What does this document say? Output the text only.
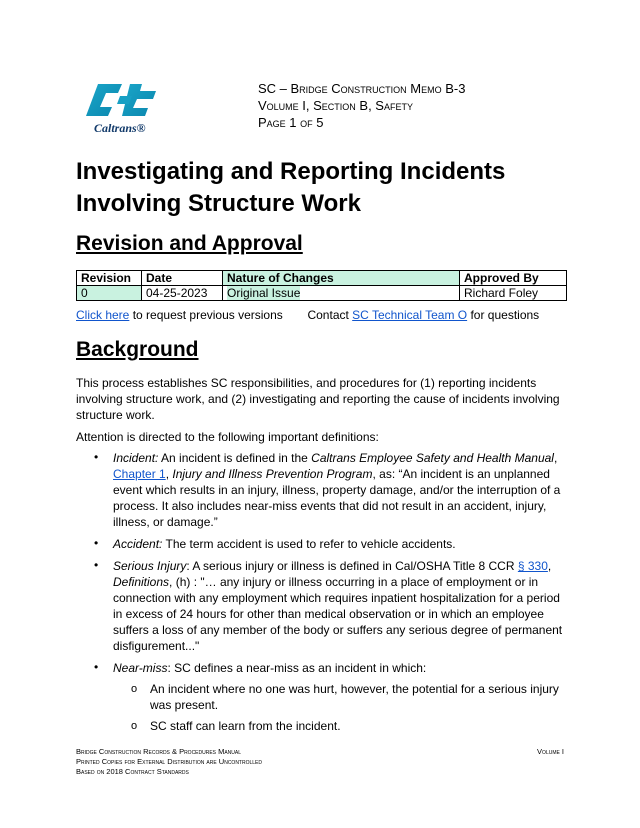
Caltrans®
SC – Bridge Construction Memo B-3
Volume I, Section B, Safety
Page 1 of 5
Investigating and Reporting Incidents Involving Structure Work
Revision and Approval
Revision	Date	Nature of Changes	Approved By
0	04-25-2023	Original Issue	Richard Foley
Click here to request previous versions Contact SC Technical Team O for questions
Background

This process establishes SC responsibilities, and procedures for (1) reporting incidents involving structure work, and (2) investigating and reporting the cause of incidents involving structure work.

Attention is directed to the following important definitions:

• Incident: An incident is defined in the Caltrans Employee Safety and Health Manual, Chapter 1, Injury and Illness Prevention Program, as: “An incident is an unplanned event which results in an injury, illness, property damage, and/or the interruption of a process. It also includes near-miss events that did not result in an accident, injury, illness, or damage.”

• Accident: The term accident is used to refer to vehicle accidents.

• Serious Injury: A serious injury or illness is defined in Cal/OSHA Title 8 CCR § 330, Definitions, (h) : "… any injury or illness occurring in a place of employment or in connection with any employment which requires inpatient hospitalization for a period in excess of 24 hours for other than medical observation or in which an employee suffers a loss of any member of the body or suffers any serious degree of permanent disfigurement..."

• Near-miss: SC defines a near-miss as an incident in which:

o An incident where no one was hurt, however, the potential for a serious injury was present.

o SC staff can learn from the incident.

Bridge Construction Records & Procedures Manual
Printed Copies for External Distribution are Uncontrolled
Based on 2018 Contract Standards
Volume I
